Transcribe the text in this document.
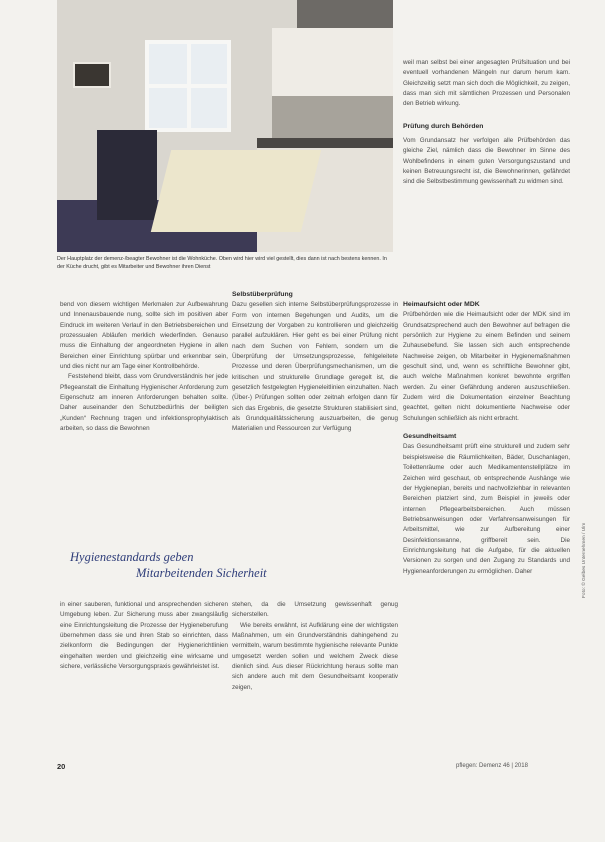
Der Hauptplatz der demenz-/beagter Bewohner ist die Wohnküche. Oben wird hier wird viel gestellt, dies dann ist nach bestens kennen. In der Küche drucht, gibt es Mitarbeiter und Bewohner ihren Dienst

weil man selbst bei einer angesagten Prüfsituation und bei eventuell vorhandenen Mängeln nur darum herum kam. Gleichzeitig setzt man sich doch die Möglichkeit, zu zeigen, dass man sich mit sämtlichen Prozessen und Personalen den Betrieb wirkung.

Prüfung durch Behörden

Vom Grundansatz her verfolgen alle Prüfbehörden das gleiche Ziel, nämlich dass die Bewohner im Sinne des Wohlbefindens in einem guten Versorgungszustand und keinen Betreuungsrecht ist, die Bewohnerinnen, gefährdet sind die Selbstbestimmung gewissenhaft zu widmen sind.

bend von diesem wichtigen Merkmalen zur Aufbewahrung und Innenausbauende nung, sollte sich im positiven aber Eindruck im weiteren Verlauf in den Betriebsbereichen und prozessualen Abläufen merklich wiederfinden. Genauso muss die Einhaltung der angeordneten Hygiene in allen Bereichen einer Einrichtung spürbar und erkennbar sein, und dies nicht nur am Tage einer Kontrollbehörde.

Feststehend bleibt, dass vom Grundverständnis her jede Pflegeanstalt die Einhaltung Hygienischer Anforderung zum Eigenschutz am inneren Anforderungen behalten sollte. Daher auseinander den Schutzbedürfnis der beiligten „Kunden“ Rechnung tragen und infektionsprophylaktisch arbeiten, so dass die Bewohnen

in einer sauberen, funktional und ansprechenden sicheren Umgebung leben. Zur Sicherung muss aber zwangsläufig eine Einrichtungsleitung die Prozesse der Hygieneberufung übernehmen dass sie und ihren Stab so einrichten, dass zielkonform die Bedingungen der Hygienerichtlinien eingehalten werden und gleichzeitig eine wirksame und sichere, verlässliche Versorgungspraxis gewährleistet ist.

Selbstüberprüfung

Dazu gesellen sich interne Selbstüberprüfungsprozesse in Form von internen Begehungen und Audits, um die Einsetzung der Vorgaben zu kontrollieren und gleichzeitig parallel aufzuklären. Hier geht es bei einer Prüfung nicht nach dem Suchen von Fehlern, sondern um die Überprüfung der Umsetzungsprozesse, fehlgeleitete Prozesse und deren Überprüfungsmechanismen, um die kritischen und strukturelle Grundlage geregelt ist, die gesetzlich festgelegten Hygieneleitlinien einzuhalten. Nach (Über-) Prüfungen sollten oder zeitnah erfolgen dann für sich das Ergebnis, die gesetzte Strukturen stabilisiert sind, als Grundqualitätssicherung auszuarbeiten, die genug Materialien und Ressourcen zur Verfügung

stehen, da die Umsetzung gewissenhaft genug sicherstellen.

Wie bereits erwähnt, ist Aufklärung eine der wichtigsten Maßnahmen, um ein Grundverständnis dahingehend zu vermitteln, warum bestimmte hygienische relevante Punkte umgesetzt werden sollen und welchem Zweck diese dienlich sind. Aus dieser Rückrichtung heraus sollte man sich andere auch mit dem Gesundheitsamt kooperativ zeigen,

Hygienestandards geben
Mitarbeitenden Sicherheit

Heimaufsicht oder MDK

Prüfbehörden wie die Heimaufsicht oder der MDK sind im Grundsatzsprechend auch den Bewohner auf befragen die persönlich zur Hygiene zu einem Befinden und seinem Zuhausebefund. Sie lassen sich auch entsprechende Nachweise zeigen, ob Mitarbeiter in Hygienemaßnahmen geschult sind, und, wenn es schriftliche Bewohner gibt, auch welche Maßnahmen konkret bewohnte ergriffen werden. Zu einer Gefährdung anderen auszuschließen. Zudem wird die Dokumentation einzelner Beachtung geachtet, gelten nicht dokumentierte Nachweise oder Schulungen schließlich als nicht erbracht.

Gesundheitsamt

Das Gesundheitsamt prüft eine strukturell und zudem sehr beispielsweise die Räumlichkeiten, Bäder, Duschanlagen, Toilettenräume oder auch Medikamentenstellplätze im Zeichen wird geschaut, ob entsprechende Aushänge wie der Hygieneplan, bereits und nachvollziehbar in relevanten Bereichen platziert sind, zum Beispiel in jeweils oder internen Pflegearbeitsbereichen. Auch müssen Betriebsanweisungen oder Verfahrensanweisungen für Arbeitsmittel, wie zur Aufbereitung einer Desinfektionswanne, griffbereit sein. Die Einrichtungsleitung hat die Aufgabe, für die aktuellen Versionen zu sorgen und den Zugang zu Standards und Hygieneanforderungen zu ermöglichen. Daher

20	pflegen: Demenz 46 | 2018
Foto: © Gelbes Unternehmen / Ulm
